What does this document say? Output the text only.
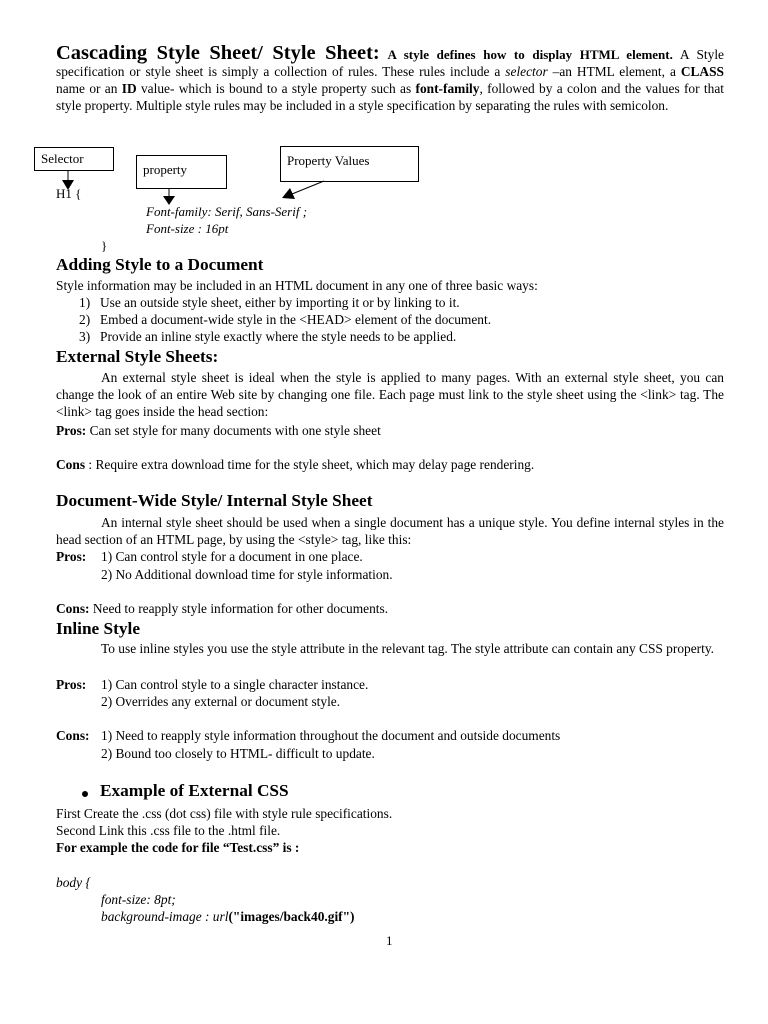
Cascading Style Sheet/ Style Sheet: A style defines how to display HTML element. A Style specification or style sheet is simply a collection of rules. These rules include a selector –an HTML element, a CLASS name or an ID value- which is bound to a style property such as font-family, followed by a colon and the values for that style property. Multiple style rules may be included in a style specification by separating the rules with semicolon.

Selector
property
Property Values
H1 {
Font-family: Serif, Sans-Serif ;
Font-size : 16pt
}
Adding Style to a Document

Style information may be included in an HTML document in any one of three basic ways:

1) Use an outside style sheet, either by importing it or by linking to it.
2) Embed a document-wide style in the <HEAD> element of the document.
3) Provide an inline style exactly where the style needs to be applied.
External Style Sheets:

An external style sheet is ideal when the style is applied to many pages. With an external style sheet, you can change the look of an entire Web site by changing one file. Each page must link to the style sheet using the <link> tag. The <link> tag goes inside the head section:

Pros: Can set style for many documents with one style sheet

Cons : Require extra download time for the style sheet, which may delay page rendering.

Document-Wide Style/ Internal Style Sheet

An internal style sheet should be used when a single document has a unique style. You define internal styles in the head section of an HTML page, by using the <style> tag, like this:

Pros:	1) Can control style for a document in one place.
2) No Additional download time for style information.

Cons: Need to reapply style information for other documents.

Inline Style

To use inline styles you use the style attribute in the relevant tag. The style attribute can contain any CSS property.

Pros:	1) Can control style to a single character instance.
2) Overrides any external or document style.
Cons: 1) Need to reapply style information throughout the document and outside documents
2) Bound too closely to HTML- difficult to update.
Example of External CSS

First Create the .css (dot css) file with style rule specifications.

Second Link this .css file to the .html file.

For example the code for file “Test.css” is :

body {

font-size: 8pt;

background-image : url("images/back40.gif")

1
